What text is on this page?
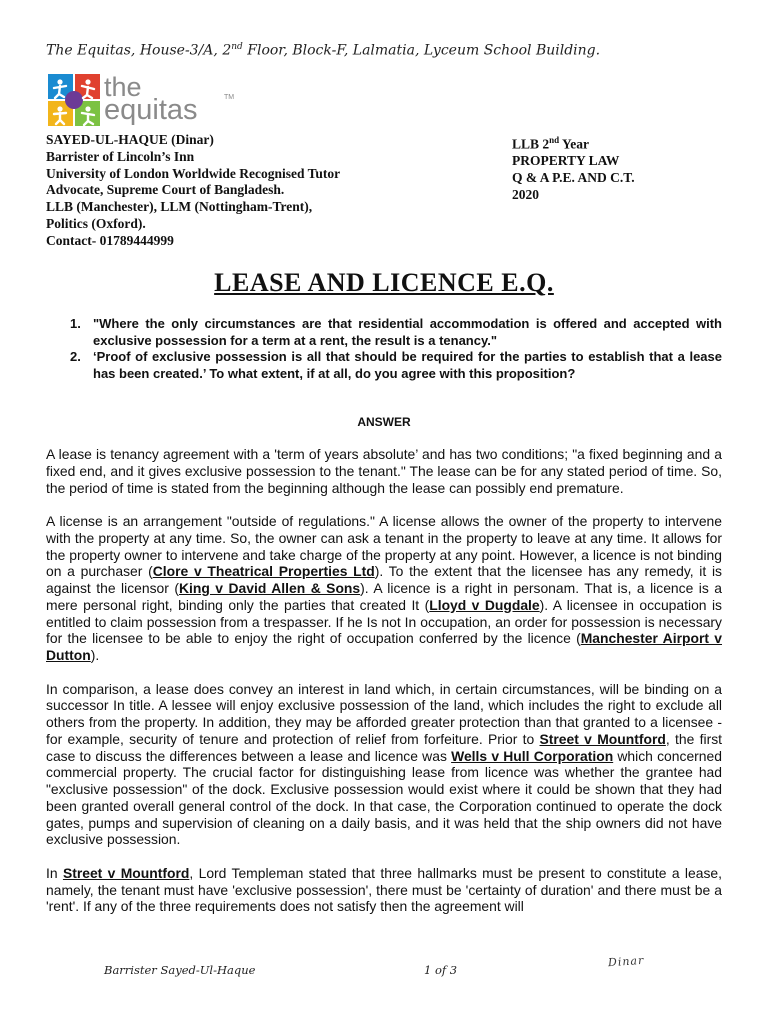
The Equitas, House-3/A, 2nd Floor, Block-F, Lalmatia, Lyceum School Building.
the
equitas	TM
SAYED-UL-HAQUE (Dinar)
Barrister of Lincoln’s Inn
University of London Worldwide Recognised Tutor
Advocate, Supreme Court of Bangladesh.
LLB (Manchester), LLM (Nottingham-Trent),
Politics (Oxford).
Contact- 01789444999
LLB 2nd Year
PROPERTY LAW
Q & A P.E. AND C.T.
2020
LEASE AND LICENCE E.Q.
1. "Where the only circumstances are that residential accommodation is offered and accepted with exclusive possession for a term at a rent, the result is a tenancy."
2. ‘Proof of exclusive possession is all that should be required for the parties to establish that a lease has been created.’ To what extent, if at all, do you agree with this proposition?
ANSWER

A lease is tenancy agreement with a 'term of years absolute’ and has two conditions; "a fixed beginning and a fixed end, and it gives exclusive possession to the tenant." The lease can be for any stated period of time. So, the period of time is stated from the beginning although the lease can possibly end premature.

A license is an arrangement "outside of regulations." A license allows the owner of the property to intervene with the property at any time. So, the owner can ask a tenant in the property to leave at any time. It allows for the property owner to intervene and take charge of the property at any point. However, a licence is not binding on a purchaser (Clore v Theatrical Properties Ltd). To the extent that the licensee has any remedy, it is against the licensor (King v David Allen & Sons). A licence is a right in personam. That is, a licence is a mere personal right, binding only the parties that created It (Lloyd v Dugdale). A licensee in occupation is entitled to claim possession from a trespasser. If he Is not In occupation, an order for possession is necessary for the licensee to be able to enjoy the right of occupation conferred by the licence (Manchester Airport v Dutton).

In comparison, a lease does convey an interest in land which, in certain circumstances, will be binding on a successor In title. A lessee will enjoy exclusive possession of the land, which includes the right to exclude all others from the property. In addition, they may be afforded greater protection than that granted to a licensee - for example, security of tenure and protection of relief from forfeiture. Prior to Street v Mountford, the first case to discuss the differences between a lease and licence was Wells v Hull Corporation which concerned commercial property. The crucial factor for distinguishing lease from licence was whether the grantee had "exclusive possession" of the dock. Exclusive possession would exist where it could be shown that they had been granted overall general control of the dock. In that case, the Corporation continued to operate the dock gates, pumps and supervision of cleaning on a daily basis, and it was held that the ship owners did not have exclusive possession.

In Street v Mountford, Lord Templeman stated that three hallmarks must be present to constitute a lease, namely, the tenant must have 'exclusive possession', there must be 'certainty of duration' and there must be a 'rent'. If any of the three requirements does not satisfy then the agreement will

Barrister Sayed-Ul-Haque	1 of 3
Dinar
